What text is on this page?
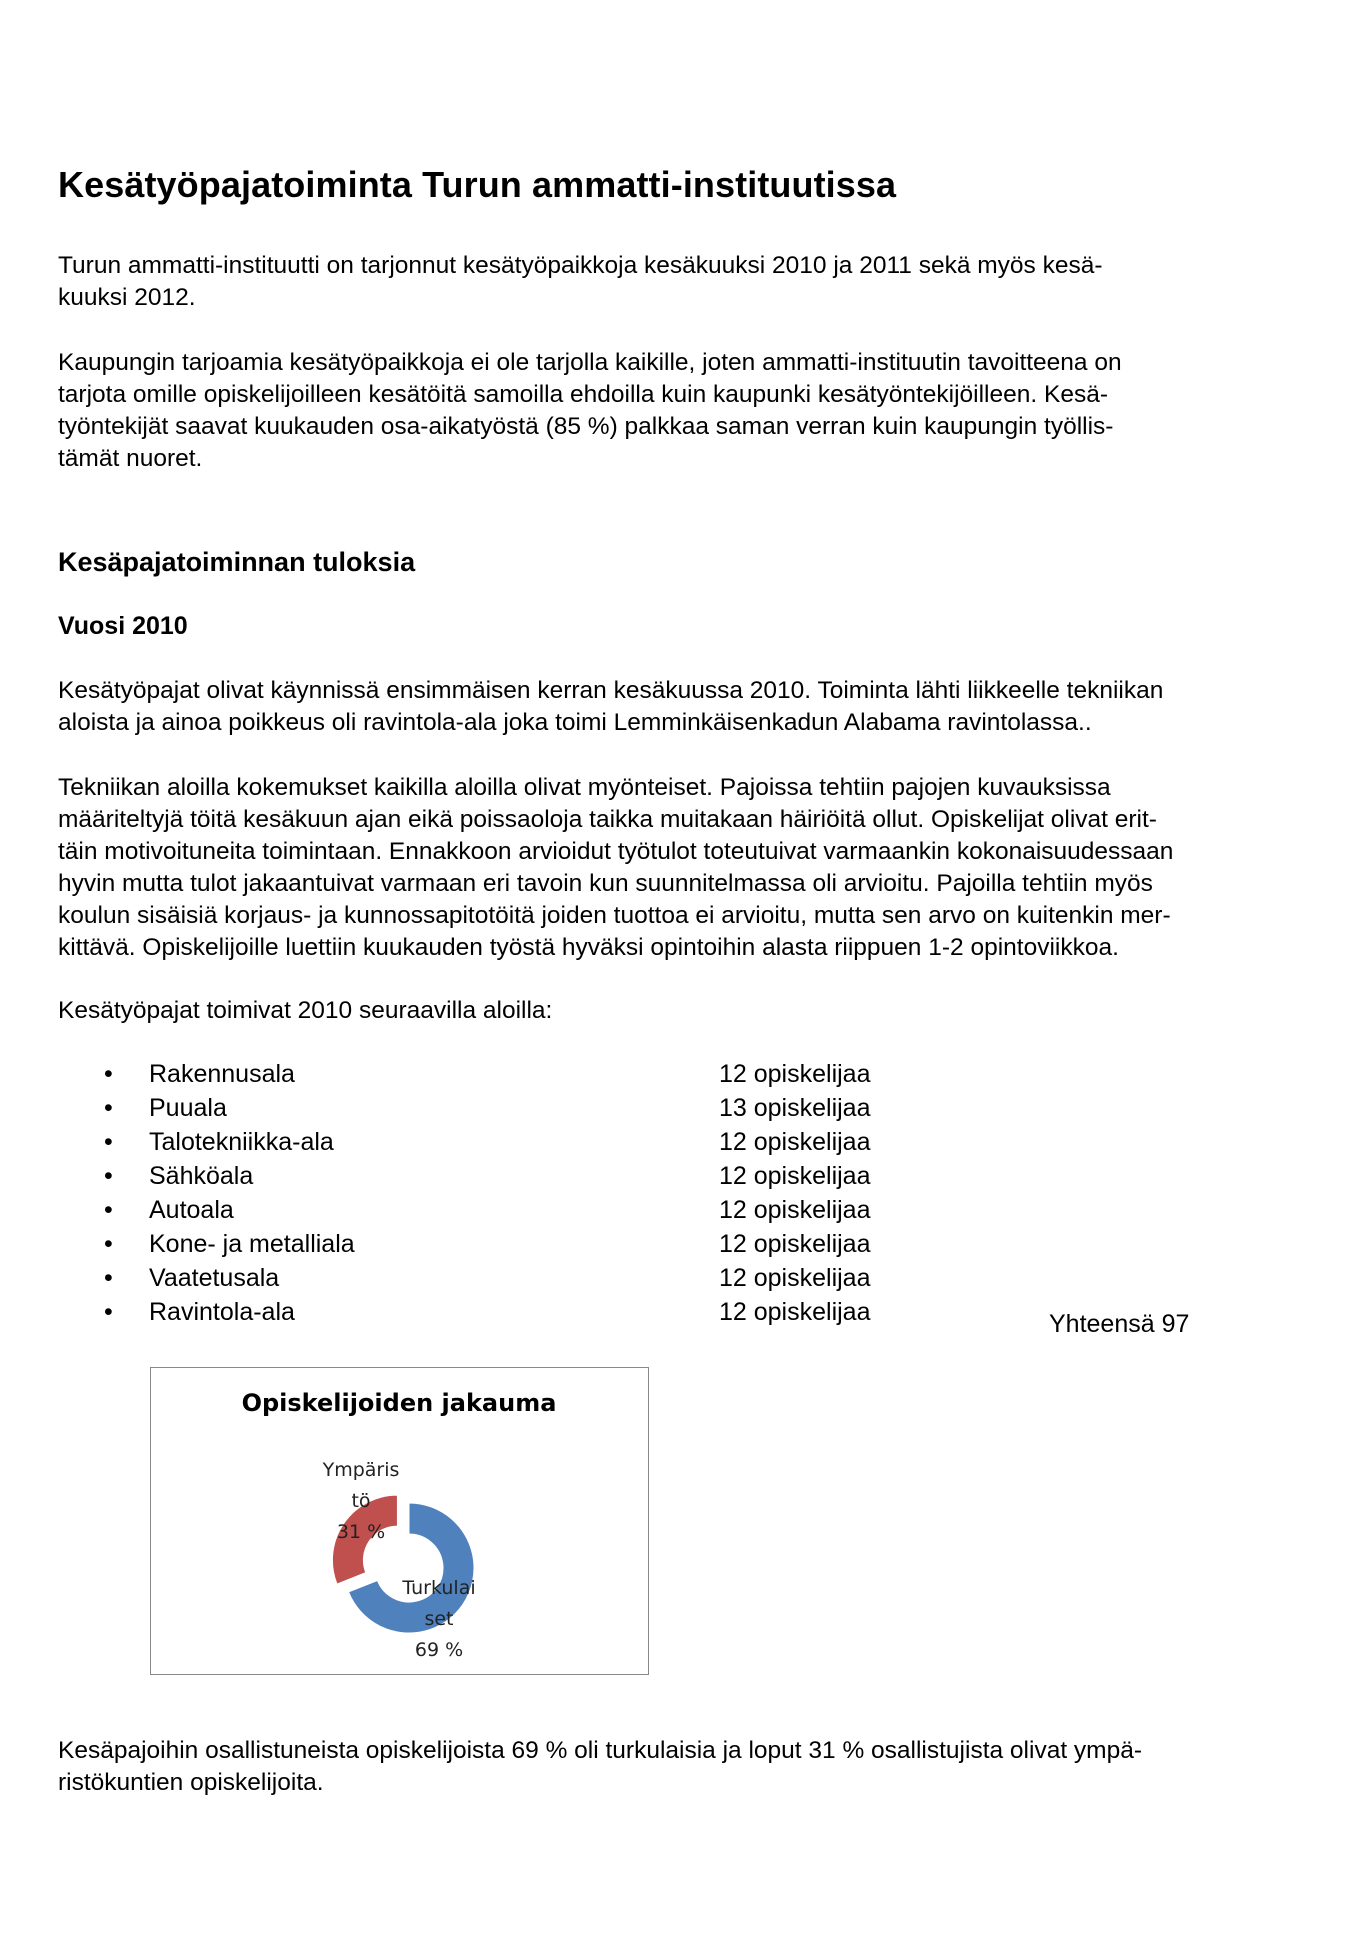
Kesätyöpajatoiminta Turun ammatti-instituutissa

Turun ammatti-instituutti on tarjonnut kesätyöpaikkoja kesäkuuksi 2010 ja 2011 sekä myös kesä-
kuuksi 2012.

Kaupungin tarjoamia kesätyöpaikkoja ei ole tarjolla kaikille, joten ammatti-instituutin tavoitteena on
tarjota omille opiskelijoilleen kesätöitä samoilla ehdoilla kuin kaupunki kesätyöntekijöilleen. Kesä-
työntekijät saavat kuukauden osa-aikatyöstä (85 %) palkkaa saman verran kuin kaupungin työllis-
tämät nuoret.

Kesäpajatoiminnan tuloksia
Vuosi 2010

Kesätyöpajat olivat käynnissä ensimmäisen kerran kesäkuussa 2010. Toiminta lähti liikkeelle tekniikan
aloista ja ainoa poikkeus oli ravintola-ala joka toimi Lemminkäisenkadun Alabama ravintolassa..

Tekniikan aloilla kokemukset kaikilla aloilla olivat myönteiset. Pajoissa tehtiin pajojen kuvauksissa
määriteltyjä töitä kesäkuun ajan eikä poissaoloja taikka muitakaan häiriöitä ollut. Opiskelijat olivat erit-
täin motivoituneita toimintaan. Ennakkoon arvioidut työtulot toteutuivat varmaankin kokonaisuudessaan
hyvin mutta tulot jakaantuivat varmaan eri tavoin kun suunnitelmassa oli arvioitu. Pajoilla tehtiin myös
koulun sisäisiä korjaus- ja kunnossapitotöitä joiden tuottoa ei arvioitu, mutta sen arvo on kuitenkin mer-
kittävä. Opiskelijoille luettiin kuukauden työstä hyväksi opintoihin alasta riippuen 1-2 opintoviikkoa.

Kesätyöpajat toimivat 2010 seuraavilla aloilla:

• Rakennusala	12 opiskelijaa
• Puuala	13 opiskelijaa
• Talotekniikka-ala	12 opiskelijaa
• Sähköala	12 opiskelijaa
• Autoala	12 opiskelijaa
• Kone- ja metalliala	12 opiskelijaa
• Vaatetusala	12 opiskelijaa
• Ravintola-ala	12 opiskelijaa	Yhteensä 97
Opiskelijoiden jakauma
Turkulai set 69 %
Ympäris tö 31 %

Kesäpajoihin osallistuneista opiskelijoista 69 % oli turkulaisia ja loput 31 % osallistujista olivat ympä-
ristökuntien opiskelijoita.
